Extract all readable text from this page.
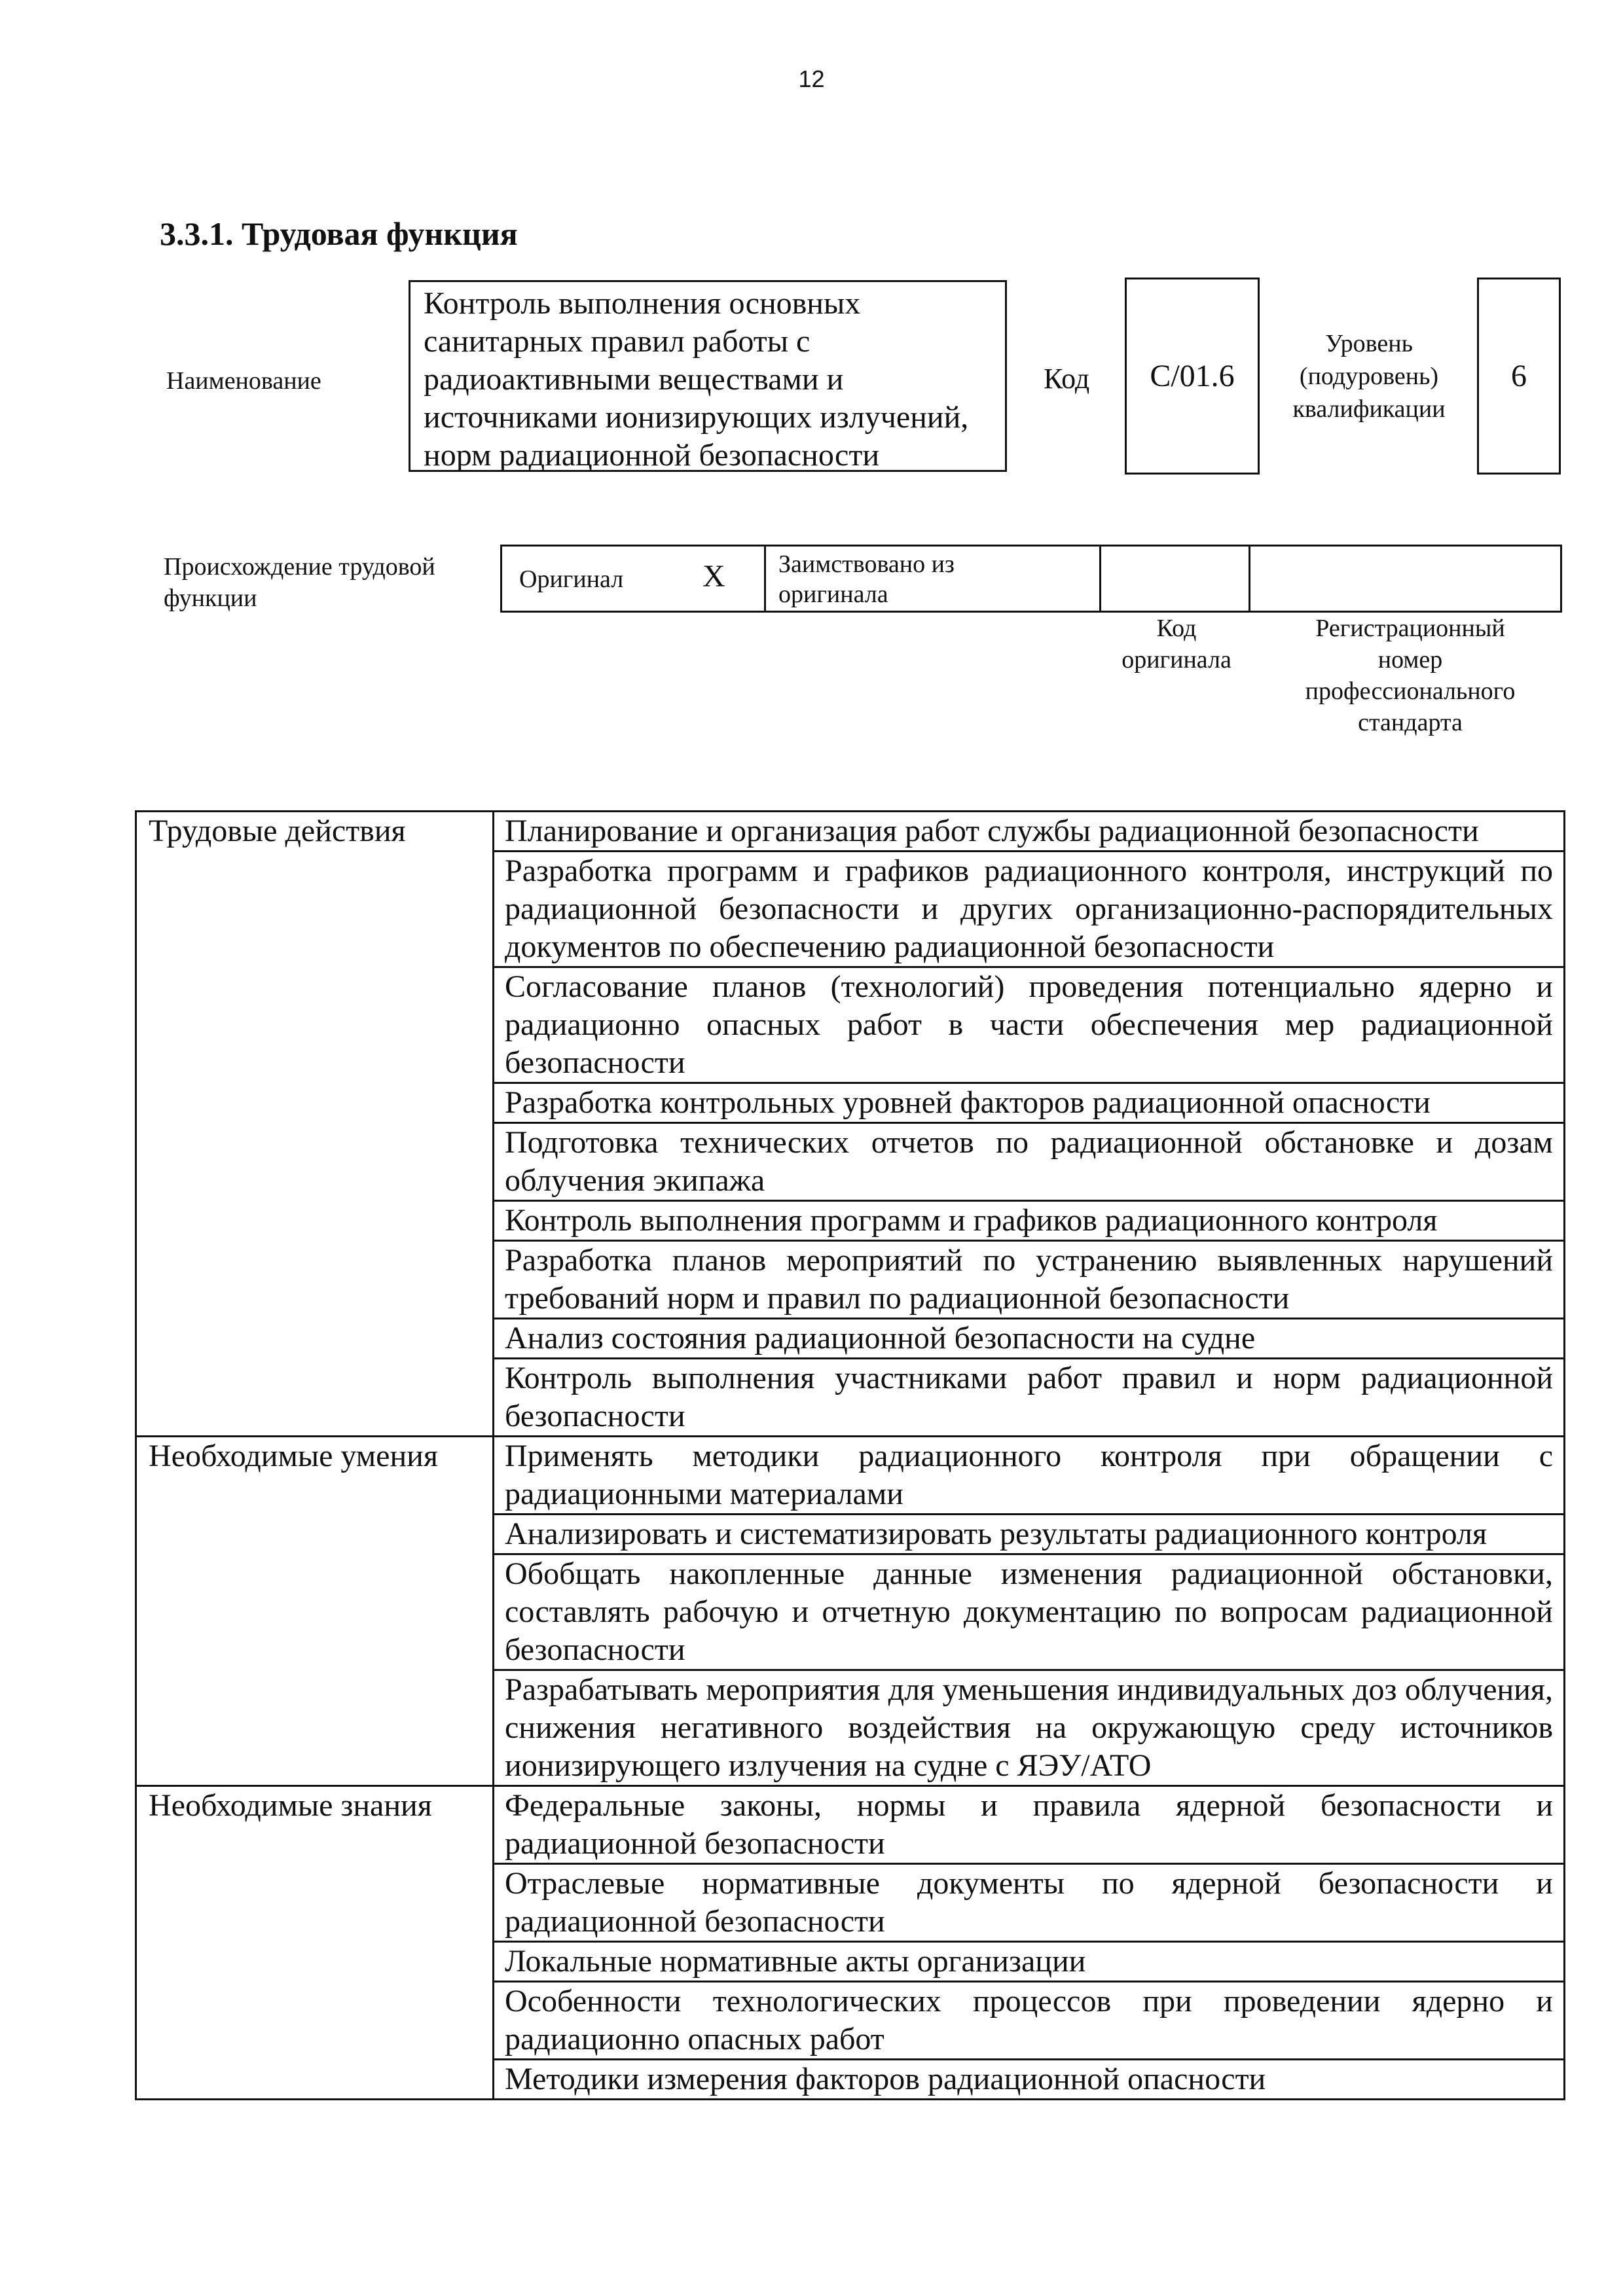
12
3.3.1. Трудовая функция
Наименование
Контроль выполнения основных
санитарных правил работы с
радиоактивными веществами и
источниками ионизирующих излучений,
норм радиационной безопасности
Код С/01.6
Уровень
(подуровень)
квалификации
6
Происхождение трудовой
функции
Оригинал	X Заимствовано из
оригинала
Код
оригинала
Регистрационный
номер
профессионального
стандарта
Трудовые действия	Планирование и организация работ службы радиационной безопасности
	Разработка программ и графиков радиационного контроля, инструкций по радиационной безопасности и других организационно-распорядительных документов по обеспечению радиационной безопасности
	Согласование планов (технологий) проведения потенциально ядерно и радиационно опасных работ в части обеспечения мер радиационной безопасности
	Разработка контрольных уровней факторов радиационной опасности
	Подготовка технических отчетов по радиационной обстановке и дозам облучения экипажа
	Контроль выполнения программ и графиков радиационного контроля
	Разработка планов мероприятий по устранению выявленных нарушений требований норм и правил по радиационной безопасности
	Анализ состояния радиационной безопасности на судне
	Контроль выполнения участниками работ правил и норм радиационной безопасности
Необходимые умения	Применять методики радиационного контроля при обращении с радиационными материалами
	Анализировать и систематизировать результаты радиационного контроля
	Обобщать накопленные данные изменения радиационной обстановки, составлять рабочую и отчетную документацию по вопросам радиационной безопасности
	Разрабатывать мероприятия для уменьшения индивидуальных доз облучения, снижения негативного воздействия на окружающую среду источников ионизирующего излучения на судне с ЯЭУ/АТО
Необходимые знания	Федеральные законы, нормы и правила ядерной безопасности и радиационной безопасности
	Отраслевые нормативные документы по ядерной безопасности и радиационной безопасности
	Локальные нормативные акты организации
	Особенности технологических процессов при проведении ядерно и радиационно опасных работ
	Методики измерения факторов радиационной опасности
